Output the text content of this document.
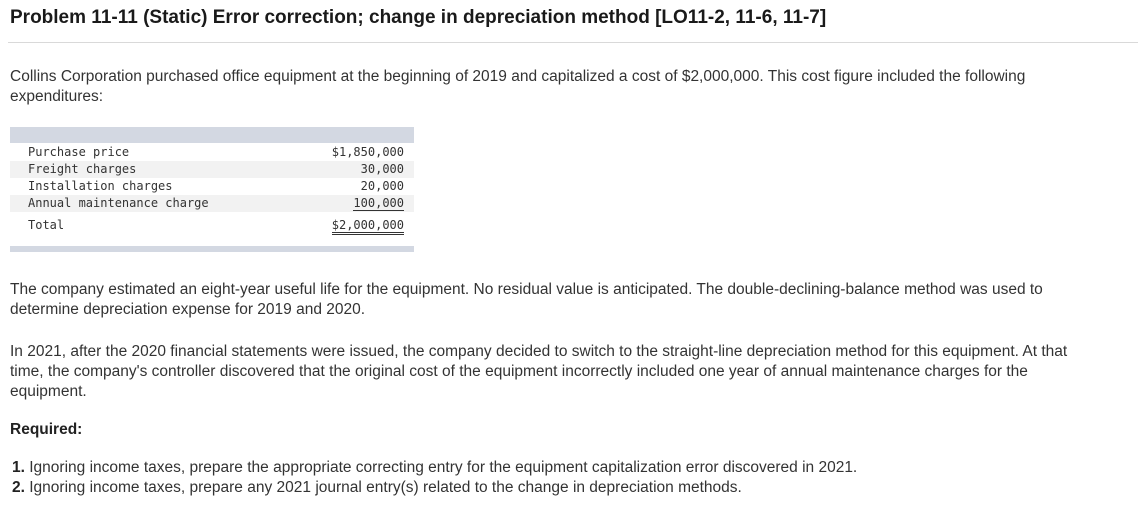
Problem 11-11 (Static) Error correction; change in depreciation method [LO11-2, 11-6, 11-7]

Collins Corporation purchased office equipment at the beginning of 2019 and capitalized a cost of $2,000,000. This cost figure included the following expenditures:

Purchase price	$1,850,000
Freight charges	30,000
Installation charges	20,000
Annual maintenance charge	100,000
Total	$2,000,000

The company estimated an eight-year useful life for the equipment. No residual value is anticipated. The double-declining-balance method was used to determine depreciation expense for 2019 and 2020.

In 2021, after the 2020 financial statements were issued, the company decided to switch to the straight-line depreciation method for this equipment. At that time, the company's controller discovered that the original cost of the equipment incorrectly included one year of annual maintenance charges for the equipment.

Required:
1. Ignoring income taxes, prepare the appropriate correcting entry for the equipment capitalization error discovered in 2021.
2. Ignoring income taxes, prepare any 2021 journal entry(s) related to the change in depreciation methods.
